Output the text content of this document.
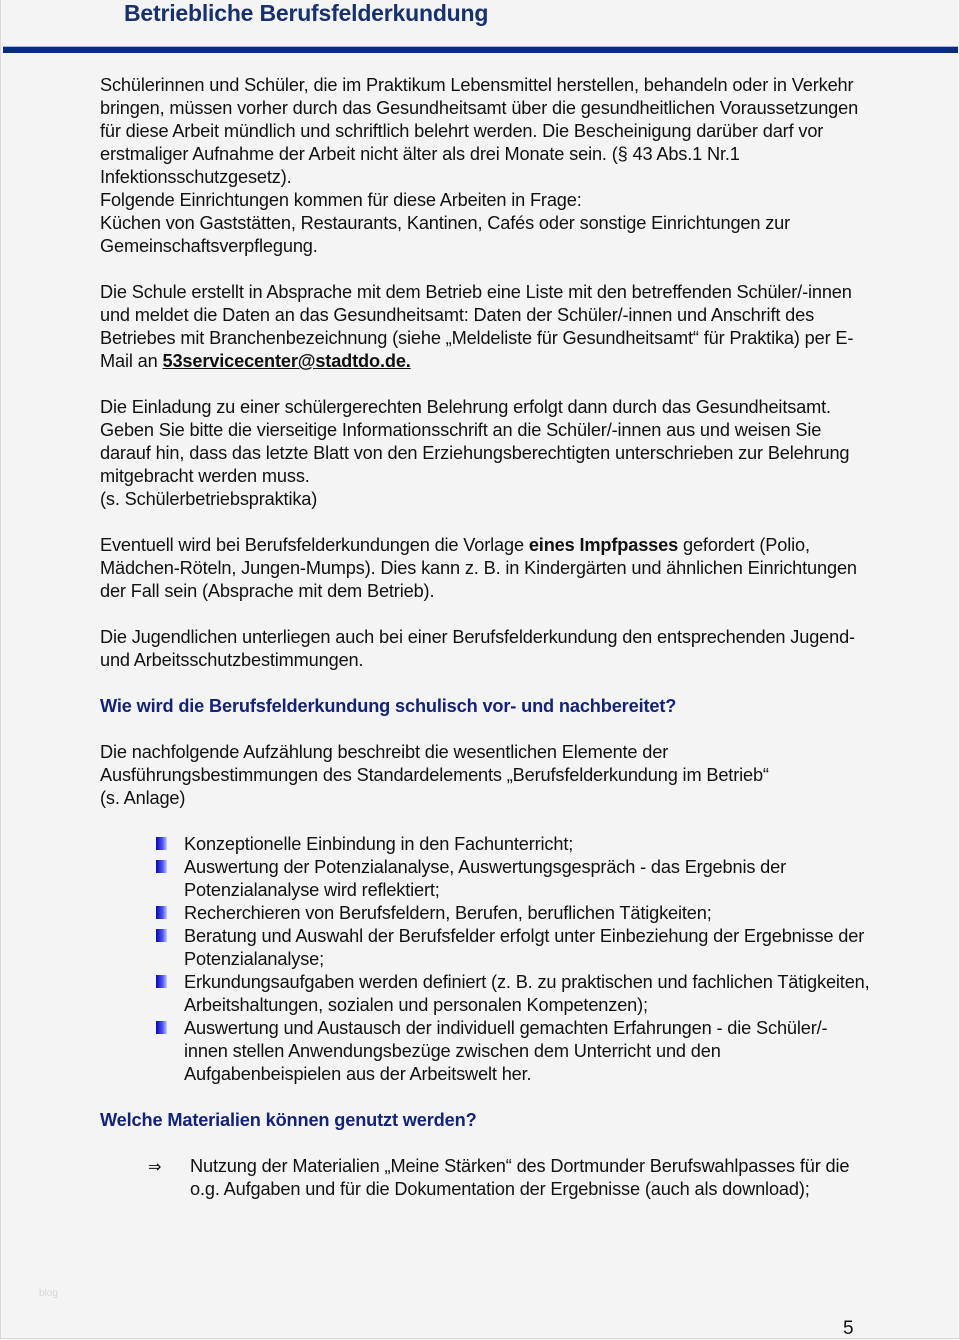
Betriebliche Berufsfelderkundung

Schülerinnen und Schüler, die im Praktikum Lebensmittel herstellen, behandeln oder in Verkehr bringen, müssen vorher durch das Gesundheitsamt über die gesundheitlichen Voraussetzungen für diese Arbeit mündlich und schriftlich belehrt werden. Die Bescheinigung darüber darf vor erstmaliger Aufnahme der Arbeit nicht älter als drei Monate sein. (§ 43 Abs.1 Nr.1 Infektionsschutzgesetz).

Folgende Einrichtungen kommen für diese Arbeiten in Frage:

Küchen von Gaststätten, Restaurants, Kantinen, Cafés oder sonstige Einrichtungen zur Gemeinschaftsverpflegung.

Die Schule erstellt in Absprache mit dem Betrieb eine Liste mit den betreffenden Schüler/-innen und meldet die Daten an das Gesundheitsamt: Daten der Schüler/-innen und Anschrift des Betriebes mit Branchenbezeichnung (siehe „Meldeliste für Gesundheitsamt“ für Praktika) per E-Mail an 53servicecenter@stadtdo.de.

Die Einladung zu einer schülergerechten Belehrung erfolgt dann durch das Gesundheitsamt. Geben Sie bitte die vierseitige Informationsschrift an die Schüler/-innen aus und weisen Sie darauf hin, dass das letzte Blatt von den Erziehungsberechtigten unterschrieben zur Belehrung mitgebracht werden muss.
(s. Schülerbetriebspraktika)

Eventuell wird bei Berufsfelderkundungen die Vorlage eines Impfpasses gefordert (Polio, Mädchen-Röteln, Jungen-Mumps). Dies kann z. B. in Kindergärten und ähnlichen Einrichtungen der Fall sein (Absprache mit dem Betrieb).

Die Jugendlichen unterliegen auch bei einer Berufsfelderkundung den entsprechenden Jugend- und Arbeitsschutzbestimmungen.

Wie wird die Berufsfelderkundung schulisch vor- und nachbereitet?

Die nachfolgende Aufzählung beschreibt die wesentlichen Elemente der Ausführungsbestimmungen des Standardelements „Berufsfelderkundung im Betrieb“
(s. Anlage)

Konzeptionelle Einbindung in den Fachunterricht;
Auswertung der Potenzialanalyse, Auswertungsgespräch - das Ergebnis der Potenzialanalyse wird reflektiert;
Recherchieren von Berufsfeldern, Berufen, beruflichen Tätigkeiten;
Beratung und Auswahl der Berufsfelder erfolgt unter Einbeziehung der Ergebnisse der Potenzialanalyse;
Erkundungsaufgaben werden definiert (z. B. zu praktischen und fachlichen Tätigkeiten, Arbeitshaltungen, sozialen und personalen Kompetenzen);
Auswertung und Austausch der individuell gemachten Erfahrungen - die Schüler/-innen stellen Anwendungsbezüge zwischen dem Unterricht und den Aufgabenbeispielen aus der Arbeitswelt her.
Welche Materialien können genutzt werden?
⇒ Nutzung der Materialien „Meine Stärken“ des Dortmunder Berufswahlpasses für die o.g. Aufgaben und für die Dokumentation der Ergebnisse (auch als download);
blog
5
